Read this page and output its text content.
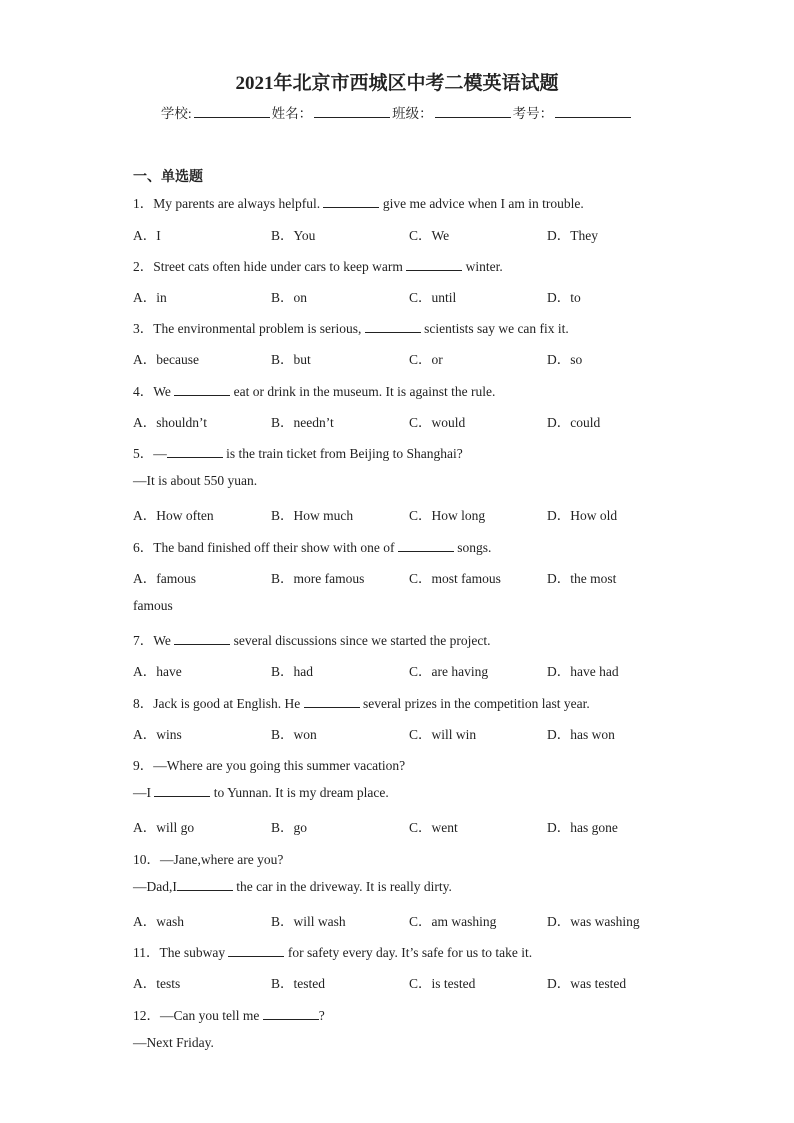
2021年北京市西城区中考二模英语试题
学校:	姓名：	班级：	考号：
一、单选题
1．My parents are always helpful.	give me advice when I am in trouble.
A．I	B．You	C．We	D．They
2．Street cats often hide under cars to keep warm	winter.
A．in	B．on	C．until	D．to
3．The environmental problem is serious,	scientists say we can fix it.
A．because	B．but	C．or	D．so
4．We	eat or drink in the museum. It is against the rule.
A．shouldn’t	B．needn’t	C．would	D．could
5．—	is the train ticket from Beijing to Shanghai?
—It is about 550 yuan.
A．How often	B．How much	C．How long	D．How old
6．The band finished off their show with one of	songs.
A．famous	B．more famous	C．most famous	D．the most
famous
7．We	several discussions since we started the project.
A．have	B．had	C．are having	D．have had
8．Jack is good at English. He	several prizes in the competition last year.
A．wins	B．won	C．will win	D．has won
9．—Where are you going this summer vacation?
—I	to Yunnan. It is my dream place.
A．will go	B．go	C．went	D．has gone
10．—Jane,where are you?
—Dad,I	the car in the driveway. It is really dirty.
A．wash	B．will wash	C．am washing	D．was washing
11．The subway	for safety every day. It’s safe for us to take it.
A．tests	B．tested	C．is tested	D．was tested
12．—Can you tell me	?
—Next Friday.
